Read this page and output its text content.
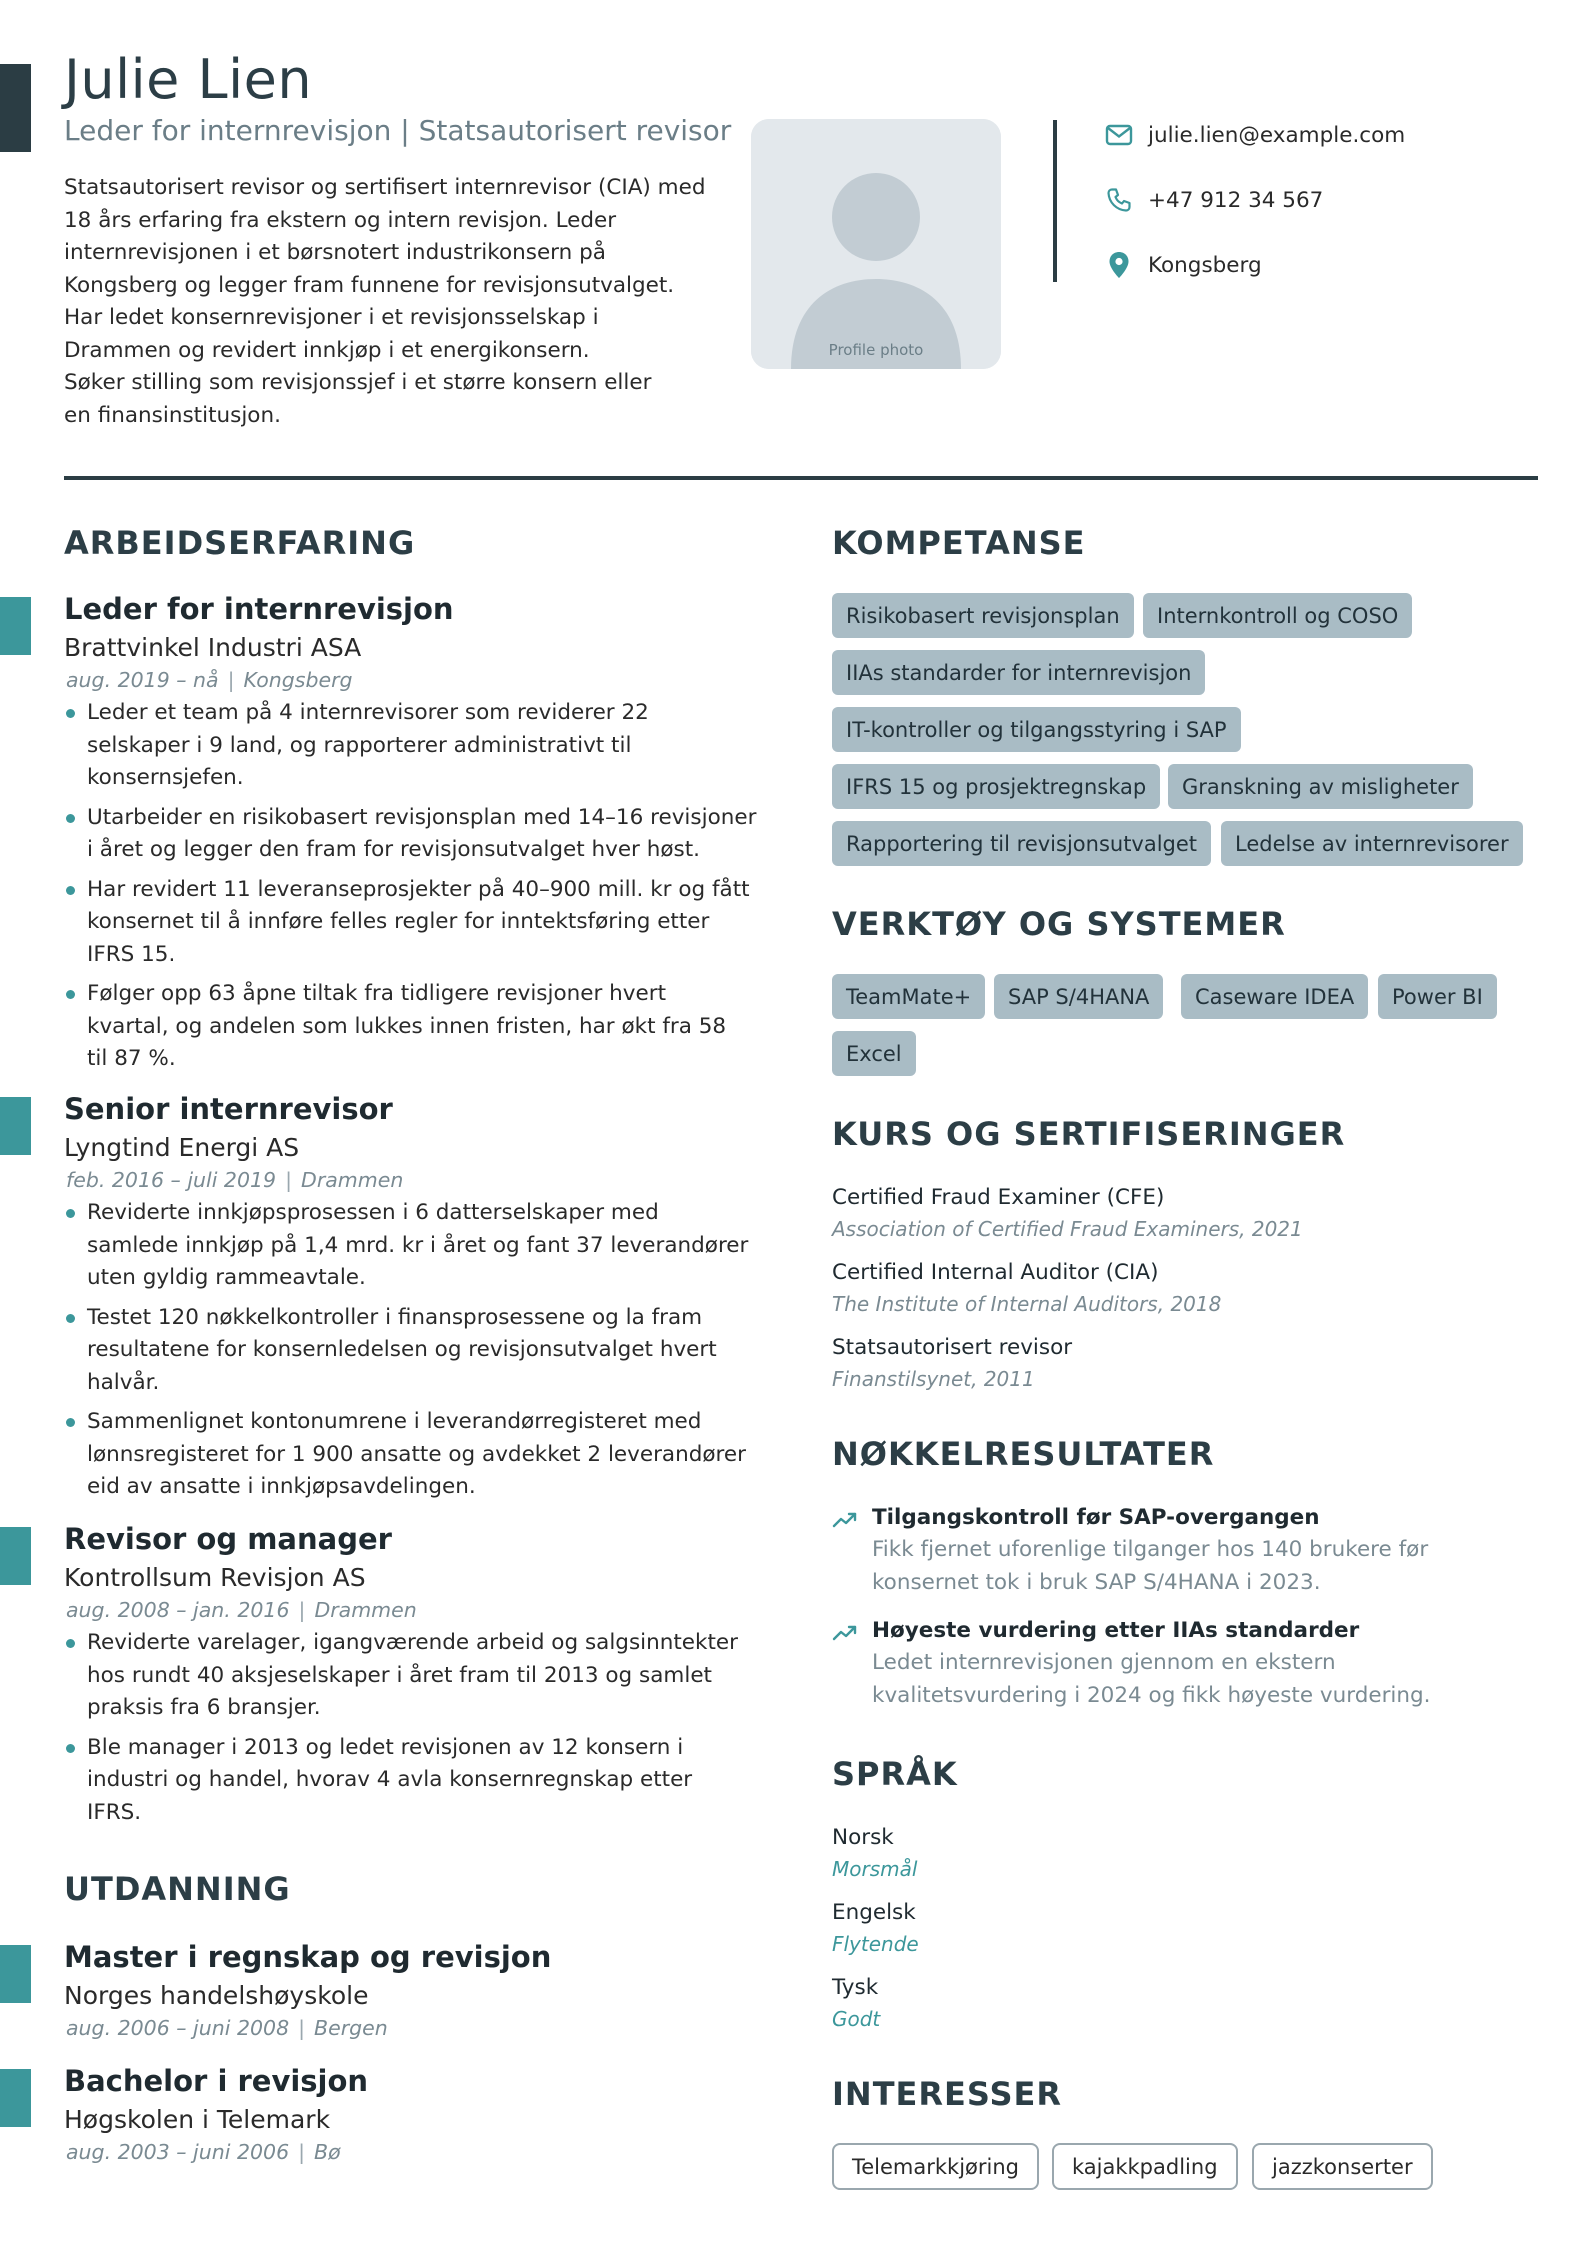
Julie Lien
Leder for internrevisjon | Statsautorisert revisor
Statsautorisert revisor og sertifisert internrevisor (CIA) med
18 års erfaring fra ekstern og intern revisjon. Leder
internrevisjonen i et børsnotert industrikonsern på
Kongsberg og legger fram funnene for revisjonsutvalget.
Har ledet konsernrevisjoner i et revisjonsselskap i
Drammen og revidert innkjøp i et energikonsern.
Søker stilling som revisjonssjef i et større konsern eller
en finansinstitusjon.
Profile photo
julie.lien@example.com
+47 912 34 567
Kongsberg
ARBEIDSERFARING
Leder for internrevisjon
Brattvinkel Industri ASA
aug. 2019 – nå | Kongsberg
Leder et team på 4 internrevisorer som reviderer 22
selskaper i 9 land, og rapporterer administrativt til
konsernsjefen.
Utarbeider en risikobasert revisjonsplan med 14–16 revisjoner
i året og legger den fram for revisjonsutvalget hver høst.
Har revidert 11 leveranseprosjekter på 40–900 mill. kr og fått
konsernet til å innføre felles regler for inntektsføring etter
IFRS 15.
Følger opp 63 åpne tiltak fra tidligere revisjoner hvert
kvartal, og andelen som lukkes innen fristen, har økt fra 58
til 87 %.
Senior internrevisor
Lyngtind Energi AS
feb. 2016 – juli 2019 | Drammen
Reviderte innkjøpsprosessen i 6 datterselskaper med
samlede innkjøp på 1,4 mrd. kr i året og fant 37 leverandører
uten gyldig rammeavtale.
Testet 120 nøkkelkontroller i finansprosessene og la fram
resultatene for konsernledelsen og revisjonsutvalget hvert
halvår.
Sammenlignet kontonumrene i leverandørregisteret med
lønnsregisteret for 1 900 ansatte og avdekket 2 leverandører
eid av ansatte i innkjøpsavdelingen.
Revisor og manager
Kontrollsum Revisjon AS
aug. 2008 – jan. 2016 | Drammen
Reviderte varelager, igangværende arbeid og salgsinntekter
hos rundt 40 aksjeselskaper i året fram til 2013 og samlet
praksis fra 6 bransjer.
Ble manager i 2013 og ledet revisjonen av 12 konsern i
industri og handel, hvorav 4 avla konsernregnskap etter
IFRS.
UTDANNING
Master i regnskap og revisjon
Norges handelshøyskole
aug. 2006 – juni 2008 | Bergen
Bachelor i revisjon
Høgskolen i Telemark
aug. 2003 – juni 2006 | Bø
KOMPETANSE
Risikobasert revisjonsplan	Internkontroll og COSO
IIAs standarder for internrevisjon
IT-kontroller og tilgangsstyring i SAP
IFRS 15 og prosjektregnskap	Granskning av misligheter
Rapportering til revisjonsutvalget	Ledelse av internrevisorer
VERKTØY OG SYSTEMER
TeamMate+	SAP S/4HANA	Caseware IDEA	Power BI
Excel
KURS OG SERTIFISERINGER
Certified Fraud Examiner (CFE)
Association of Certified Fraud Examiners, 2021
Certified Internal Auditor (CIA)
The Institute of Internal Auditors, 2018
Statsautorisert revisor
Finanstilsynet, 2011
NØKKELRESULTATER
Tilgangskontroll før SAP-overgangen
Fikk fjernet uforenlige tilganger hos 140 brukere før
konsernet tok i bruk SAP S/4HANA i 2023.
Høyeste vurdering etter IIAs standarder
Ledet internrevisjonen gjennom en ekstern
kvalitetsvurdering i 2024 og fikk høyeste vurdering.
SPRÅK
Norsk
Morsmål
Engelsk
Flytende
Tysk
Godt
INTERESSER
Telemarkkjøring	kajakkpadling	jazzkonserter
